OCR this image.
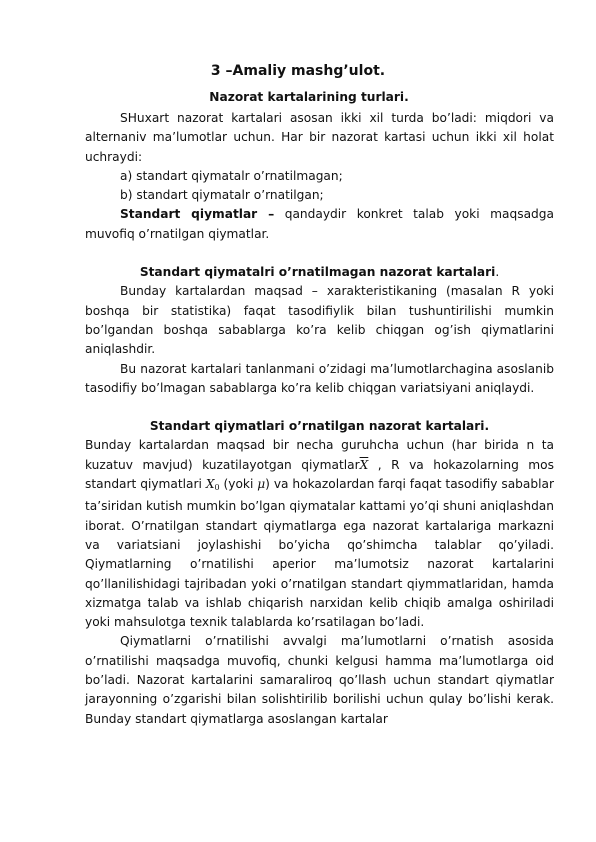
3 –Amaliy mashg’ulot.
Nazorat kartalarining turlari.

SHuxart nazorat kartalari asosan ikki xil turda bo’ladi: miqdori va alternaniv ma’lumotlar uchun. Har bir nazorat kartasi uchun ikki xil holat uchraydi:

a) standart qiymatalr o’rnatilmagan;

b) standart qiymatalr o’rnatilgan;

Standart qiymatlar – qandaydir konkret talab yoki maqsadga muvofiq o’rnatilgan qiymatlar.

Standart qiymatalri o’rnatilmagan nazorat kartalari.

Bunday kartalardan maqsad – xarakteristikaning (masalan R yoki boshqa bir statistika) faqat tasodifiylik bilan tushuntirilishi mumkin bo’lgandan boshqa sabablarga ko’ra kelib chiqgan og’ish qiymatlarini aniqlashdir.

Bu nazorat kartalari tanlanmani o’zidagi ma’lumotlarchagina asoslanib tasodifiy bo’lmagan sabablarga ko’ra kelib chiqgan variatsiyani aniqlaydi.

Standart qiymatlari o’rnatilgan nazorat kartalari.

Bunday kartalardan maqsad bir necha guruhcha uchun (har birida n ta kuzatuv mavjud) kuzatilayotgan $qiymatlar\overline{X}$ , R va hokazolarning mos standart qiymatlari $X_0$ (yoki μ) va hokazolardan farqi faqat tasodifiy sabablar ta’siridan kutish mumkin bo’lgan qiymatalar kattami yo’qi shuni aniqlashdan iborat. O’rnatilgan standart qiymatlarga ega nazorat kartalariga markazni va variatsiani joylashishi bo’yicha qo’shimcha talablar qo’yiladi. Qiymatlarning o’rnatilishi aperior ma’lumotsiz nazorat kartalarini qo’llanilishidagi tajribadan yoki o’rnatilgan standart qiymmatlaridan, hamda xizmatga talab va ishlab chiqarish narxidan kelib chiqib amalga oshiriladi yoki mahsulotga texnik talablarda ko’rsatilagan bo’ladi.

Qiymatlarni o’rnatilishi avvalgi ma’lumotlarni o’rnatish asosida o’rnatilishi maqsadga muvofiq, chunki kelgusi hamma ma’lumotlarga oid bo’ladi. Nazorat kartalarini samaraliroq qo’llash uchun standart qiymatlar jarayonning o’zgarishi bilan solishtirilib borilishi uchun qulay bo’lishi kerak. Bunday standart qiymatlarga asoslangan kartalar
